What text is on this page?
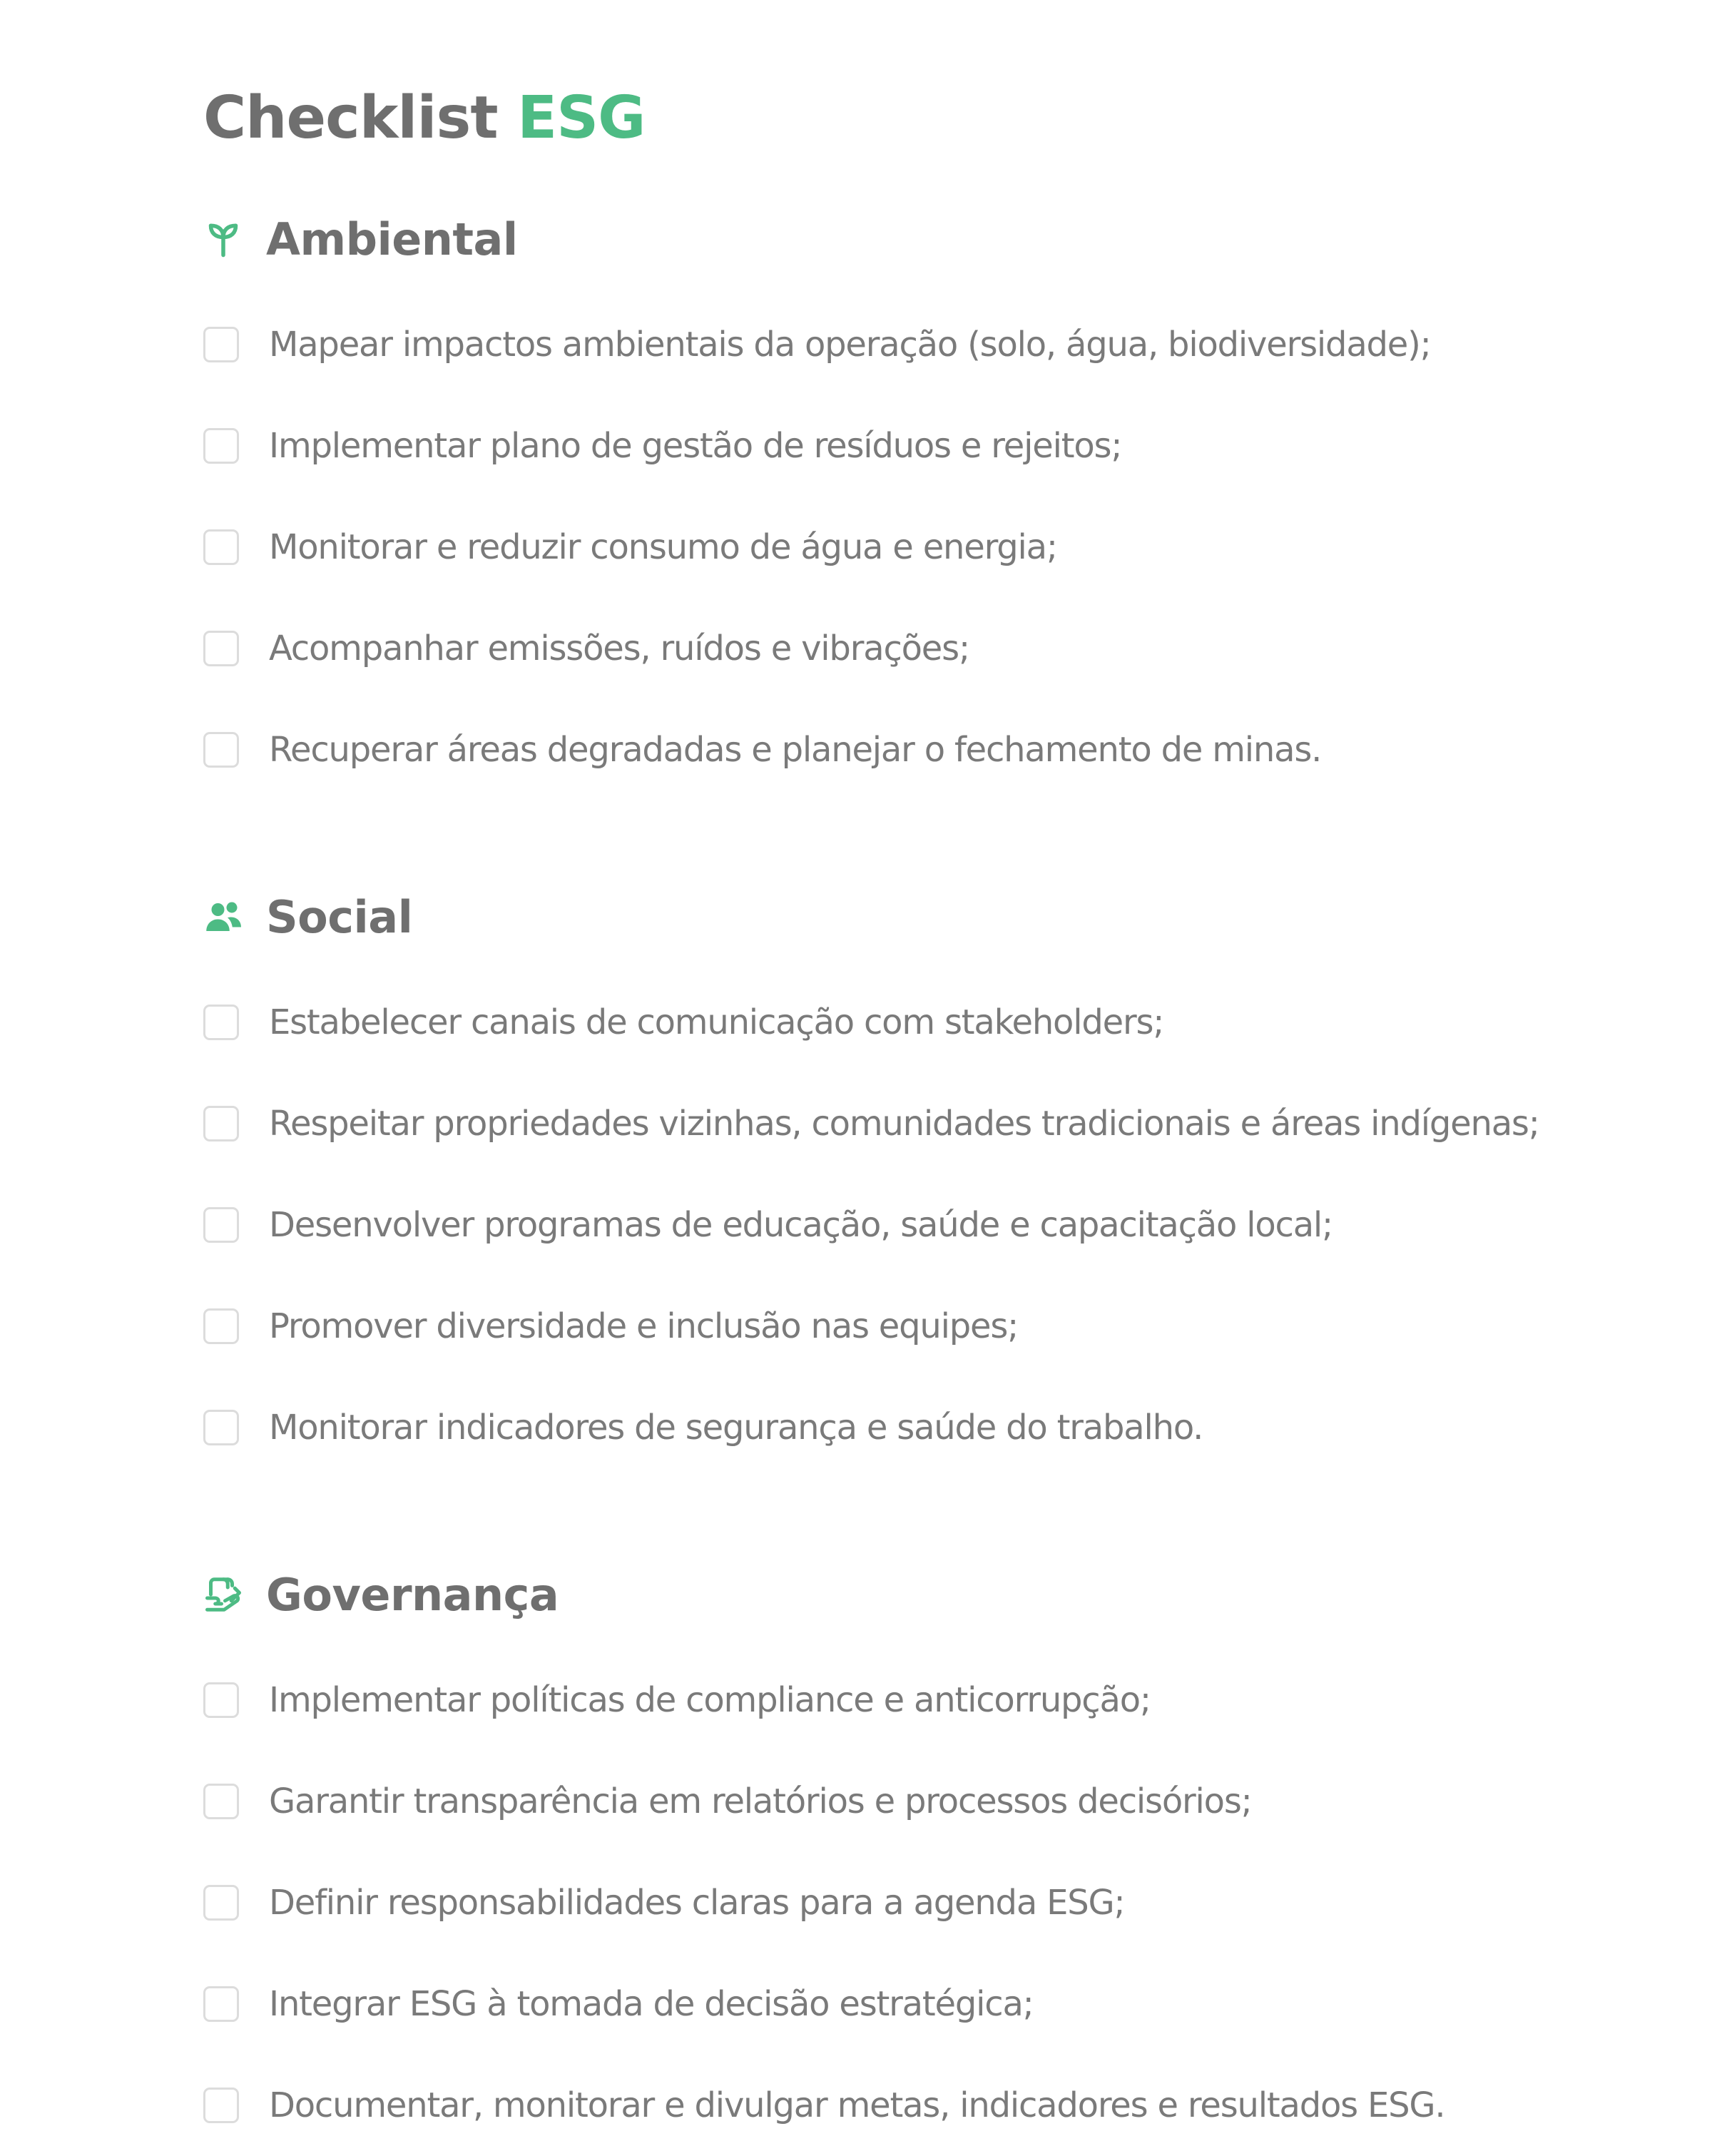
Checklist ESG
Ambiental
Mapear impactos ambientais da operação (solo, água, biodiversidade);
Implementar plano de gestão de resíduos e rejeitos;
Monitorar e reduzir consumo de água e energia;
Acompanhar emissões, ruídos e vibrações;
Recuperar áreas degradadas e planejar o fechamento de minas.
Social
Estabelecer canais de comunicação com stakeholders;
Respeitar propriedades vizinhas, comunidades tradicionais e áreas indígenas;
Desenvolver programas de educação, saúde e capacitação local;
Promover diversidade e inclusão nas equipes;
Monitorar indicadores de segurança e saúde do trabalho.
Governança
Implementar políticas de compliance e anticorrupção;
Garantir transparência em relatórios e processos decisórios;
Definir responsabilidades claras para a agenda ESG;
Integrar ESG à tomada de decisão estratégica;
Documentar, monitorar e divulgar metas, indicadores e resultados ESG.
